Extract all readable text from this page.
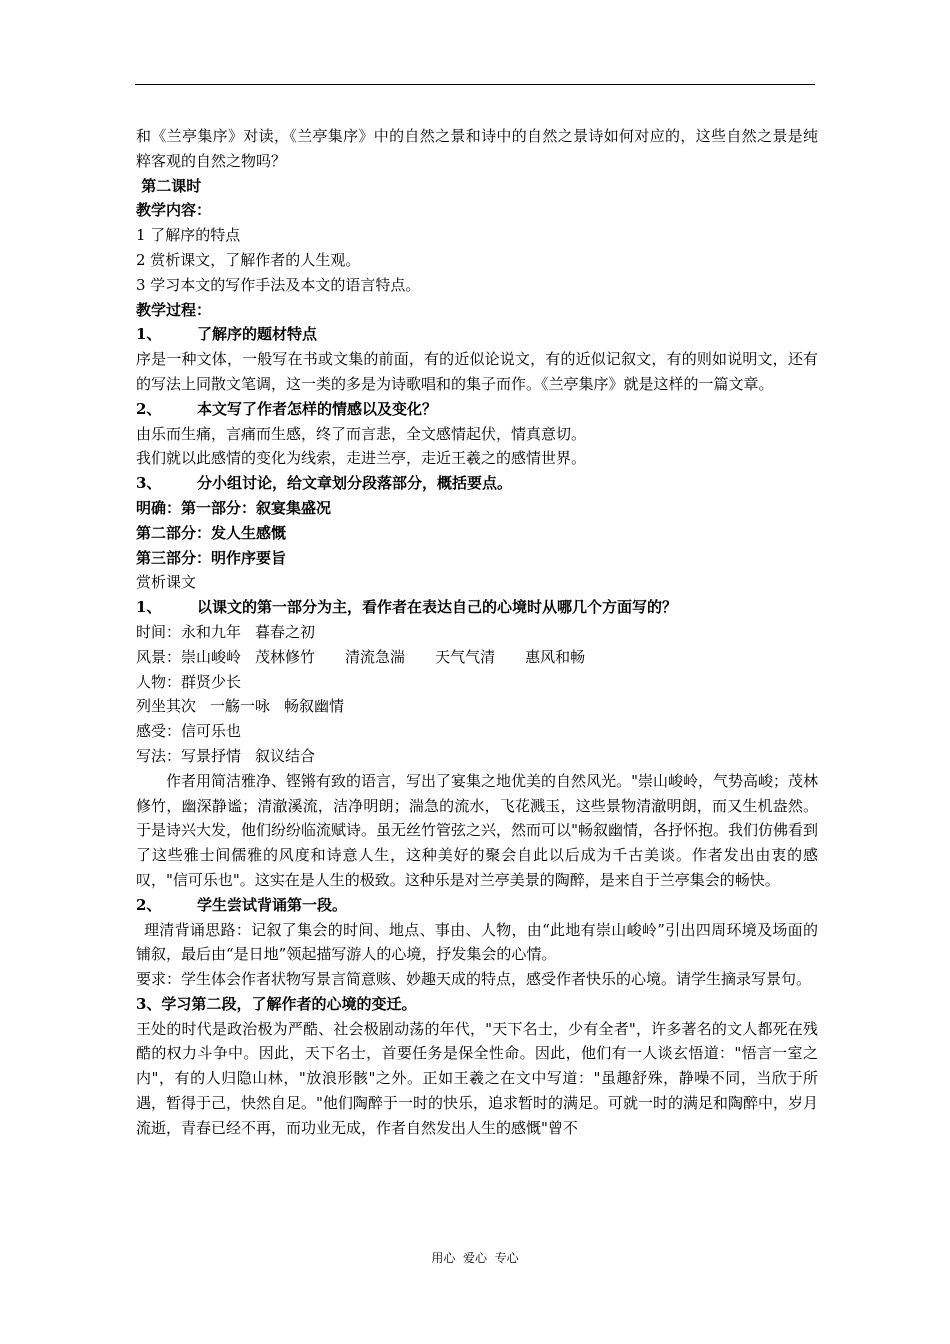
和《兰亭集序》对读，《兰亭集序》中的自然之景和诗中的自然之景诗如何对应的，这些自然之景是纯粹客观的自然之物吗？

第二课时

教学内容：

1 了解序的特点

2 赏析课文，了解作者的人生观。

3 学习本文的写作手法及本文的语言特点。

教学过程：

1、 了解序的题材特点

序是一种文体，一般写在书或文集的前面，有的近似论说文，有的近似记叙文，有的则如说明文，还有的写法上同散文笔调，这一类的多是为诗歌唱和的集子而作。《兰亭集序》就是这样的一篇文章。

2、 本文写了作者怎样的情感以及变化？

由乐而生痛，言痛而生感，终了而言悲，全文感情起伏，情真意切。

我们就以此感情的变化为线索，走进兰亭，走近王羲之的感情世界。

3、 分小组讨论，给文章划分段落部分，概括要点。

明确：第一部分：叙宴集盛况

第二部分：发人生感慨

第三部分：明作序要旨

赏析课文

1、 以课文的第一部分为主，看作者在表达自己的心境时从哪几个方面写的？

时间：永和九年 暮春之初

风景：崇山峻岭 茂林修竹 清流急湍 天气气清 惠风和畅

人物：群贤少长

列坐其次 一觞一咏 畅叙幽情

感受：信可乐也

写法：写景抒情 叙议结合

作者用简洁雅净、铿锵有致的语言，写出了宴集之地优美的自然风光。"崇山峻岭，气势高峻；茂林修竹，幽深静谧；清澈溪流，洁净明朗；湍急的流水，飞花溅玉，这些景物清澈明朗，而又生机盎然。于是诗兴大发，他们纷纷临流赋诗。虽无丝竹管弦之兴，然而可以"畅叙幽情，各抒怀抱。我们仿佛看到了这些雅士间儒雅的风度和诗意人生，这种美好的聚会自此以后成为千古美谈。作者发出由衷的感叹，"信可乐也"。这实在是人生的极致。这种乐是对兰亭美景的陶醉，是来自于兰亭集会的畅快。

2、 学生尝试背诵第一段。

理清背诵思路：记叙了集会的时间、地点、事由、人物，由“此地有崇山峻岭”引出四周环境及场面的铺叙，最后由“是日地”领起描写游人的心境，抒发集会的心情。

要求：学生体会作者状物写景言简意赅、妙趣天成的特点，感受作者快乐的心境。请学生摘录写景句。

3、学习第二段，了解作者的心境的变迁。

王处的时代是政治极为严酷、社会极剧动荡的年代，"天下名士，少有全者"，许多著名的文人都死在残酷的权力斗争中。因此，天下名士，首要任务是保全性命。因此，他们有一人谈玄悟道："悟言一室之内"，有的人归隐山林，"放浪形骸"之外。正如王羲之在文中写道："虽趣舒殊，静噪不同，当欣于所遇，暂得于己，快然自足。"他们陶醉于一时的快乐，追求暂时的满足。可就一时的满足和陶醉中，岁月流逝，青春已经不再，而功业无成，作者自然发出人生的感慨"曾不

用心  爱心  专心
